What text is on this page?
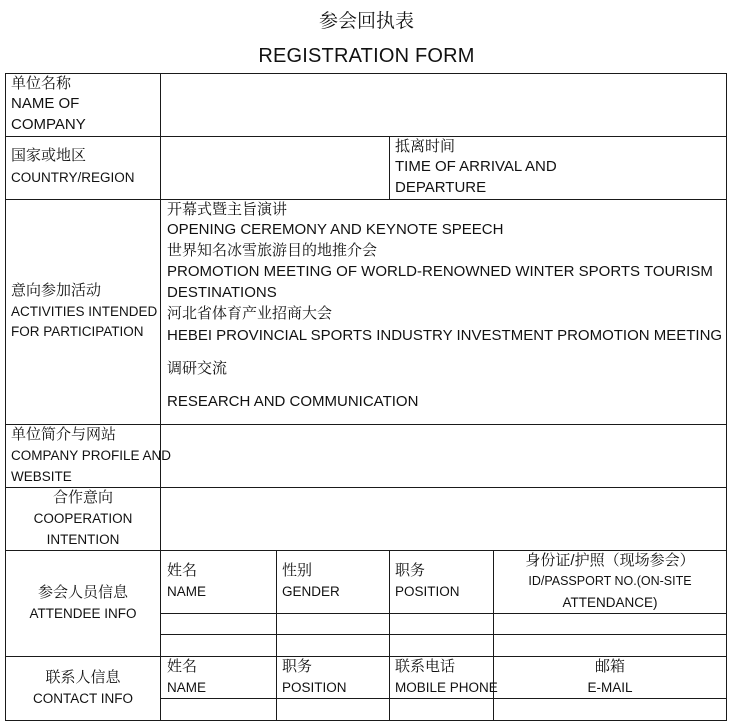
参会回执表
REGISTRATION FORM
单位名称
NAME OF
COMPANY
国家或地区
COUNTRY/REGION
抵离时间
TIME OF ARRIVAL AND
DEPARTURE
意向参加活动
ACTIVITIES INTENDED
FOR PARTICIPATION
开幕式暨主旨演讲
OPENING CEREMONY AND KEYNOTE SPEECH
世界知名冰雪旅游目的地推介会
PROMOTION MEETING OF WORLD-RENOWNED WINTER SPORTS TOURISM
DESTINATIONS
河北省体育产业招商大会
HEBEI PROVINCIAL SPORTS INDUSTRY INVESTMENT PROMOTION MEETING
调研交流
RESEARCH AND COMMUNICATION
单位简介与网站
COMPANY PROFILE AND
WEBSITE
合作意向
COOPERATION
INTENTION
参会人员信息
ATTENDEE INFO
姓名
NAME
性别
GENDER
职务
POSITION
身份证/护照（现场参会）
ID/PASSPORT NO.(ON-SITE
ATTENDANCE)
联系人信息
CONTACT INFO
姓名
NAME
职务
POSITION
联系电话
MOBILE PHONE
邮箱
E-MAIL
